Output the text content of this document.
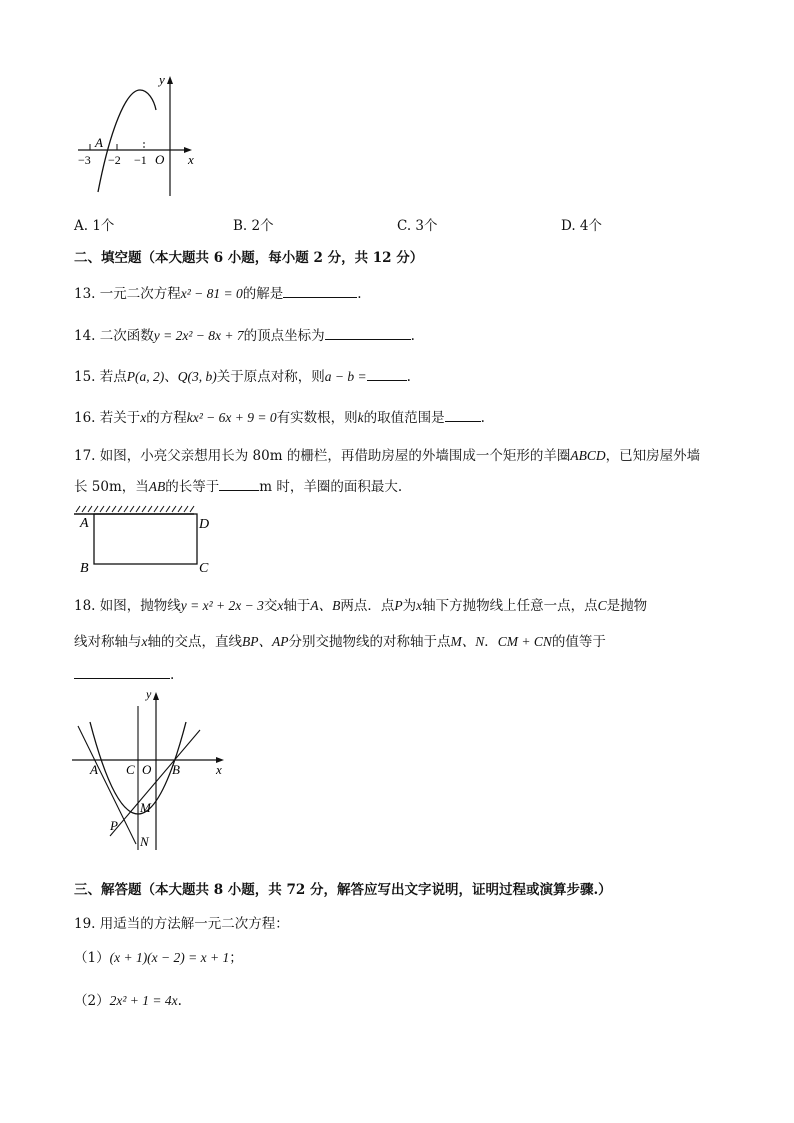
y
x
O
A
−3 −2 −1
A. 1个	B. 2个	C. 3个	D. 4个
二、填空题（本大题共 6 小题，每小题 2 分，共 12 分）
13. 一元二次方程x² − 81 = 0的解是	.
14. 二次函数y = 2x² − 8x + 7的顶点坐标为	.
15. 若点P(a, 2)、Q(3, b)关于原点对称，则a − b =	.
16. 若关于x的方程kx² − 6x + 9 = 0有实数根，则k的取值范围是	.
17. 如图，小亮父亲想用长为 80m 的栅栏，再借助房屋的外墙围成一个矩形的羊圈ABCD，已知房屋外墙
长 50m，当AB的长等于	m 时，羊圈的面积最大.
A	D
B	C
18. 如图，抛物线y = x² + 2x − 3交x轴于A、B两点．点P为x轴下方抛物线上任意一点，点C是抛物
线对称轴与x轴的交点，直线BP、AP分别交抛物线的对称轴于点M、N．CM + CN的值等于
.
y
x
A C O B
M
P
N
三、解答题（本大题共 8 小题，共 72 分，解答应写出文字说明，证明过程或演算步骤.）
19. 用适当的方法解一元二次方程：
（1）(x + 1)(x − 2) = x + 1；
（2）2x² + 1 = 4x.
